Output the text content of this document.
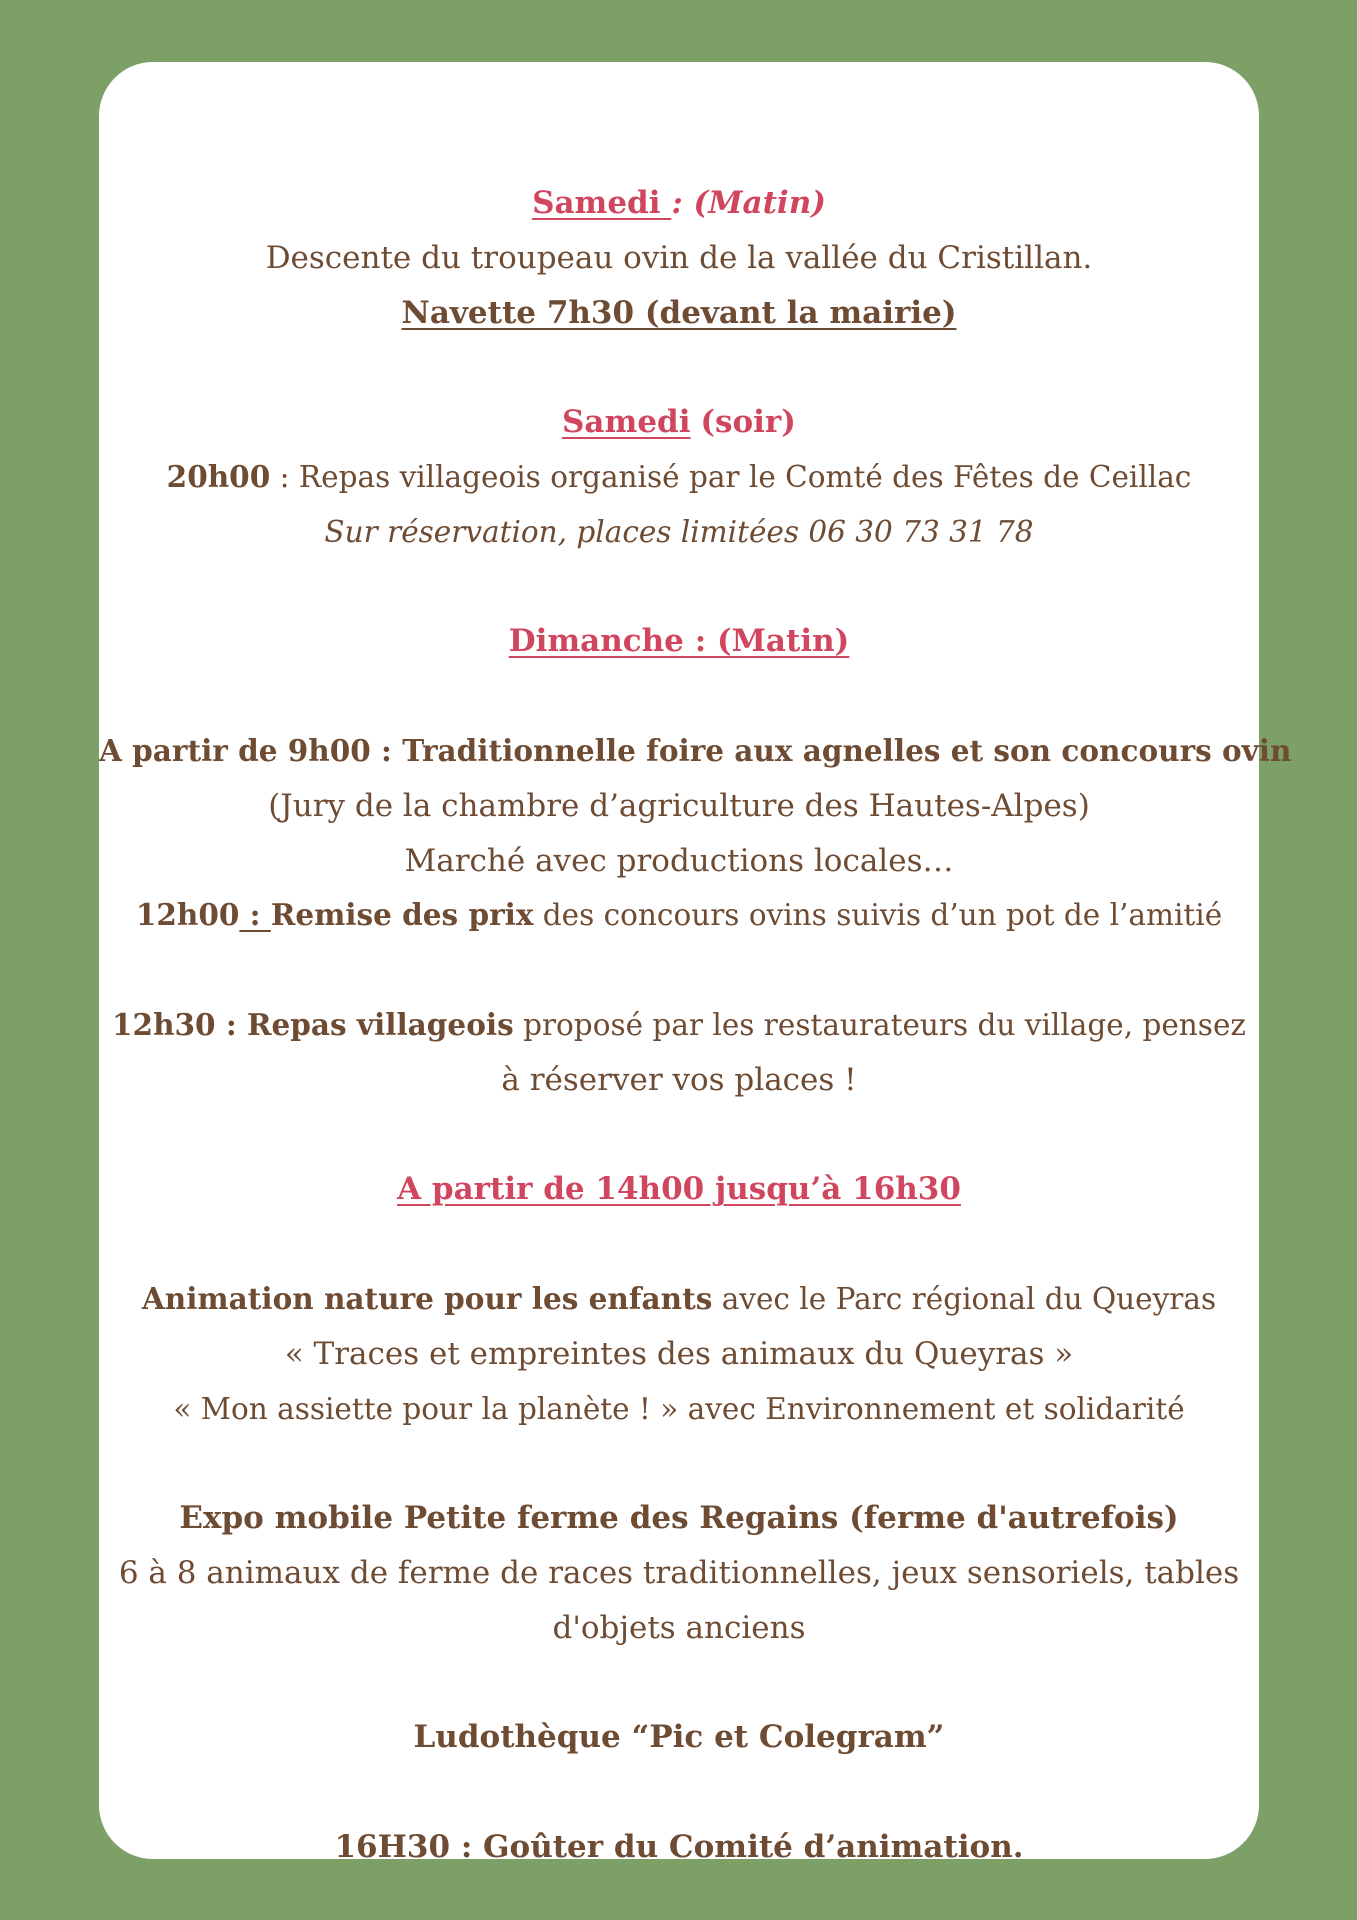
Samedi : (Matin)
Descente du troupeau ovin de la vallée du Cristillan.
Navette 7h30 (devant la mairie)
Samedi (soir)
20h00 : Repas villageois organisé par le Comté des Fêtes de Ceillac
Sur réservation, places limitées 06 30 73 31 78
Dimanche : (Matin)
A partir de 9h00 : Traditionnelle foire aux agnelles et son concours ovin
(Jury de la chambre d’agriculture des Hautes-Alpes)
Marché avec productions locales…
12h00 : Remise des prix des concours ovins suivis d’un pot de l’amitié
12h30 : Repas villageois proposé par les restaurateurs du village, pensez
à réserver vos places !
A partir de 14h00 jusqu’à 16h30
Animation nature pour les enfants avec le Parc régional du Queyras
« Traces et empreintes des animaux du Queyras »
« Mon assiette pour la planète ! » avec Environnement et solidarité
Expo mobile Petite ferme des Regains (ferme d'autrefois)
6 à 8 animaux de ferme de races traditionnelles, jeux sensoriels, tables d'objets anciens
Ludothèque “Pic et Colegram”
16H30 : Goûter du Comité d’animation.
